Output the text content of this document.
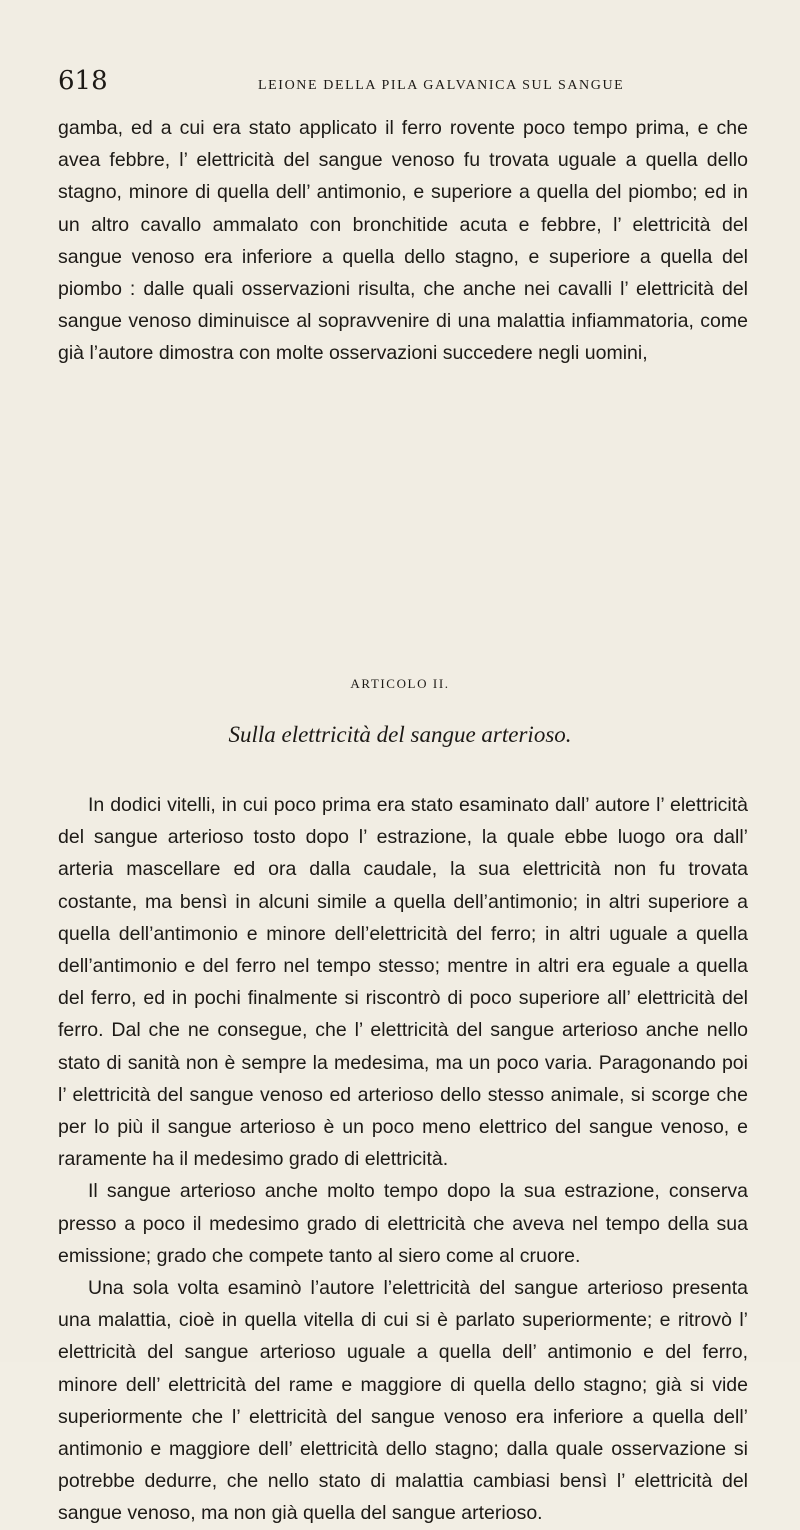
618	LEIONE DELLA PILA GALVANICA SUL SANGUE

gamba, ed a cui era stato applicato il ferro rovente poco tempo prima, e che avea febbre, l’ elettricità del sangue venoso fu trovata uguale a quella dello stagno, minore di quella dell’ antimonio, e superiore a quella del piombo; ed in un altro cavallo ammalato con bronchitide acuta e febbre, l’ elettricità del sangue venoso era inferiore a quella dello stagno, e superiore a quella del piombo : dalle quali osservazioni risulta, che anche nei cavalli l’ elettricità del sangue venoso diminuisce al sopravvenire di una malattia infiammatoria, come già l’autore dimostra con molte osservazioni succedere negli uomini,

ARTICOLO II.
Sulla elettricità del sangue arterioso.

In dodici vitelli, in cui poco prima era stato esaminato dall’ autore l’ elettricità del sangue arterioso tosto dopo l’ estrazione, la quale ebbe luogo ora dall’ arteria mascellare ed ora dalla caudale, la sua elettricità non fu trovata costante, ma bensì in alcuni simile a quella dell’antimonio; in altri superiore a quella dell’antimonio e minore dell’elettricità del ferro; in altri uguale a quella dell’antimonio e del ferro nel tempo stesso; mentre in altri era eguale a quella del ferro, ed in pochi finalmente si riscontrò di poco superiore all’ elettricità del ferro. Dal che ne consegue, che l’ elettricità del sangue arterioso anche nello stato di sanità non è sempre la medesima, ma un poco varia. Paragonando poi l’ elettricità del sangue venoso ed arterioso dello stesso animale, si scorge che per lo più il sangue arterioso è un poco meno elettrico del sangue venoso, e raramente ha il medesimo grado di elettricità.

Il sangue arterioso anche molto tempo dopo la sua estrazione, conserva presso a poco il medesimo grado di elettricità che aveva nel tempo della sua emissione; grado che compete tanto al siero come al cruore.

Una sola volta esaminò l’autore l’elettricità del sangue arterioso presenta una malattia, cioè in quella vitella di cui si è parlato superiormente; e ritrovò l’ elettricità del sangue arterioso uguale a quella dell’ antimonio e del ferro, minore dell’ elettricità del rame e maggiore di quella dello stagno; già si vide superiormente che l’ elettricità del sangue venoso era inferiore a quella dell’ antimonio e maggiore dell’ elettricità dello stagno; dalla quale osservazione si potrebbe dedurre, che nello stato di malattia cambiasi bensì l’ elettricità del sangue venoso, ma non già quella del sangue arterioso.
